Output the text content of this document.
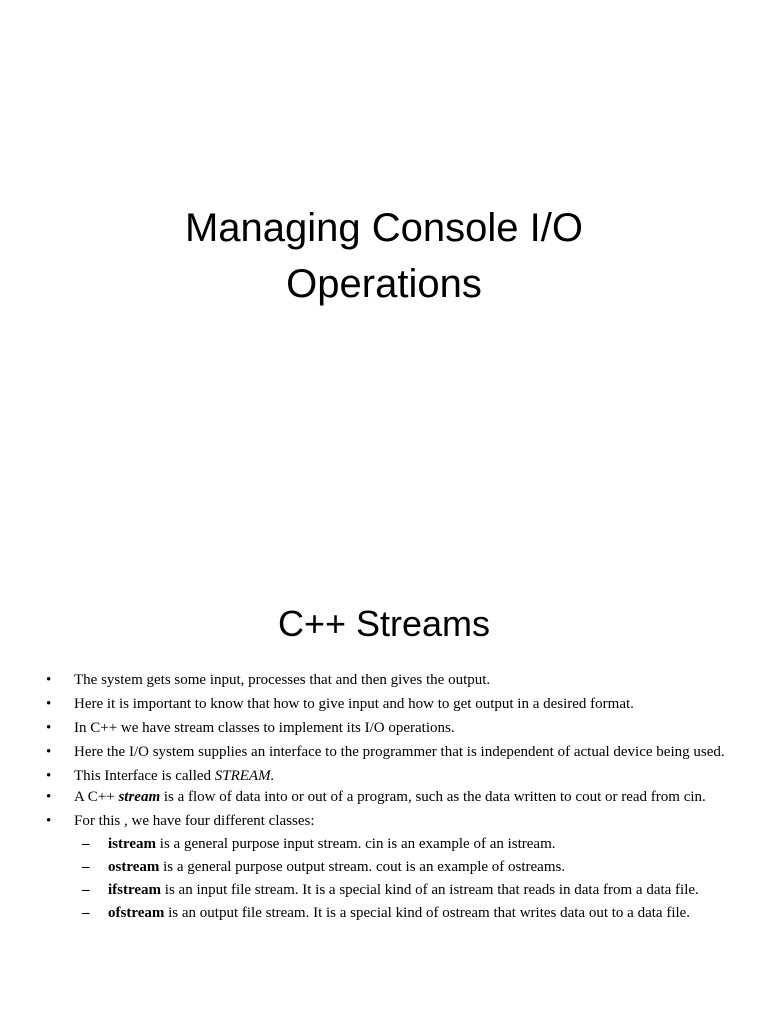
Managing Console I/O
Operations
C++ Streams
• The system gets some input, processes that and then gives the output.
• Here it is important to know that how to give input and how to get output in a desired format.
• In C++ we have stream classes to implement its I/O operations.
• Here the I/O system supplies an interface to the programmer that is independent of actual device being used.
• This Interface is called STREAM.
• A C++ stream is a flow of data into or out of a program, such as the data written to cout or read from cin.
• For this , we have four different classes:
– istream is a general purpose input stream. cin is an example of an istream.
– ostream is a general purpose output stream. cout is an example of ostreams.
– ifstream is an input file stream. It is a special kind of an istream that reads in data from a data file.
– ofstream is an output file stream. It is a special kind of ostream that writes data out to a data file.
